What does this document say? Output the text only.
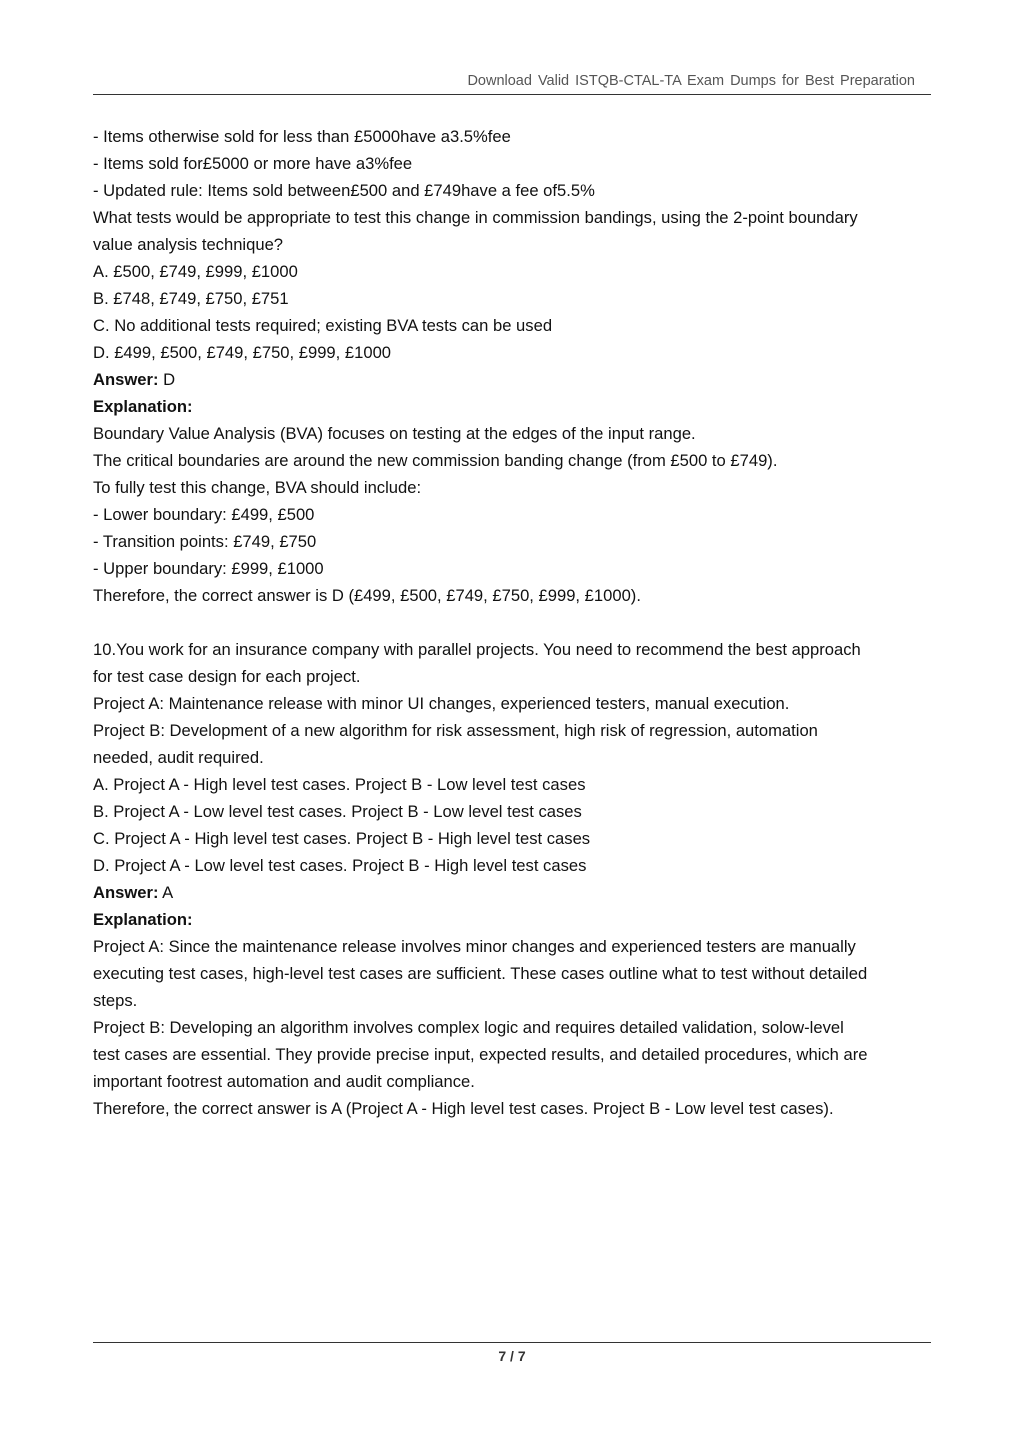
Download Valid ISTQB-CTAL-TA Exam Dumps for Best Preparation

- Items otherwise sold for less than £5000have a3.5%fee

- Items sold for£5000 or more have a3%fee

- Updated rule: Items sold between£500 and £749have a fee of5.5%

What tests would be appropriate to test this change in commission bandings, using the 2-point boundary

value analysis technique?

A. £500, £749, £999, £1000

B. £748, £749, £750, £751

C. No additional tests required; existing BVA tests can be used

D. £499, £500, £749, £750, £999, £1000

Answer: D

Explanation:

Boundary Value Analysis (BVA) focuses on testing at the edges of the input range.

The critical boundaries are around the new commission banding change (from £500 to £749).

To fully test this change, BVA should include:

- Lower boundary: £499, £500

- Transition points: £749, £750

- Upper boundary: £999, £1000

Therefore, the correct answer is D (£499, £500, £749, £750, £999, £1000).

10.You work for an insurance company with parallel projects. You need to recommend the best approach

for test case design for each project.

Project A: Maintenance release with minor UI changes, experienced testers, manual execution.

Project B: Development of a new algorithm for risk assessment, high risk of regression, automation

needed, audit required.

A. Project A - High level test cases. Project B - Low level test cases

B. Project A - Low level test cases. Project B - Low level test cases

C. Project A - High level test cases. Project B - High level test cases

D. Project A - Low level test cases. Project B - High level test cases

Answer: A

Explanation:

Project A: Since the maintenance release involves minor changes and experienced testers are manually

executing test cases, high-level test cases are sufficient. These cases outline what to test without detailed

steps.

Project B: Developing an algorithm involves complex logic and requires detailed validation, solow-level

test cases are essential. They provide precise input, expected results, and detailed procedures, which are

important footrest automation and audit compliance.

Therefore, the correct answer is A (Project A - High level test cases. Project B - Low level test cases).

7 / 7
